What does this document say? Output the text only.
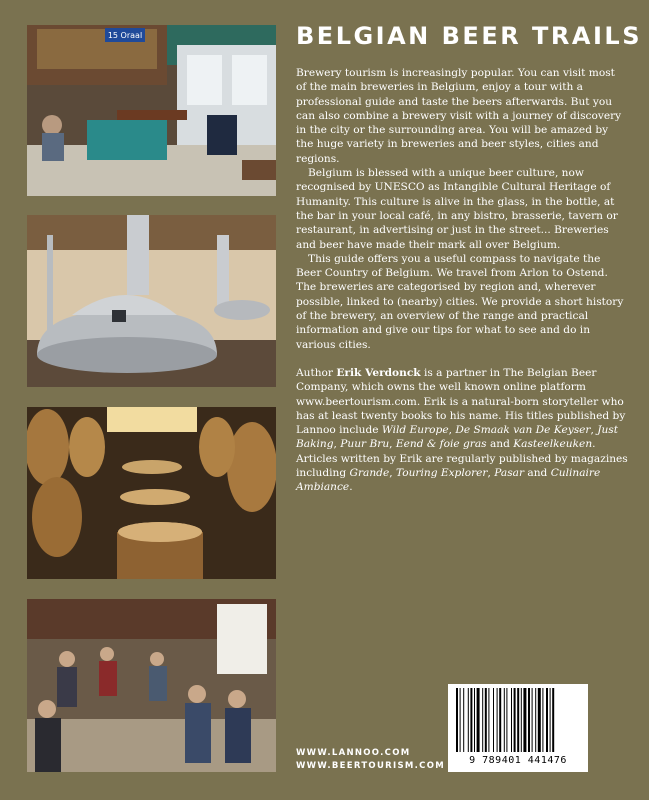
15 Oraal	BELGIAN BEER TRAILS

Brewery tourism is increasingly popular. You can visit most of the main breweries in Belgium, enjoy a tour with a professional guide and taste the beers afterwards. But you can also combine a brewery visit with a journey of discovery in the city or the surrounding area. You will be amazed by the huge variety in breweries and beer styles, cities and regions.

Belgium is blessed with a unique beer culture, now recognised by UNESCO as Intangible Cultural Heritage of Humanity. This culture is alive in the glass, in the bottle, at the bar in your local café, in any bistro, brasserie, tavern or restaurant, in advertising or just in the street... Breweries and beer have made their mark all over Belgium.

This guide offers you a useful compass to navigate the Beer Country of Belgium. We travel from Arlon to Ostend. The breweries are categorised by region and, wherever possible, linked to (nearby) cities. We provide a short history of the brewery, an overview of the range and practical information and give our tips for what to see and do in various cities.

Author Erik Verdonck is a partner in The Belgian Beer Company, which owns the well known online platform www.beertourism.com. Erik is a natural-born storyteller who has at least twenty books to his name. His titles published by Lannoo include Wild Europe, De Smaak van De Keyser, Just Baking, Puur Bru, Eend & foie gras and Kasteelkeuken. Articles written by Erik are regularly published by magazines including Grande, Touring Explorer, Pasar and Culinaire Ambiance.

WWW.LANNOO.COM
WWW.BEERTOURISM.COM	9 789401 441476
